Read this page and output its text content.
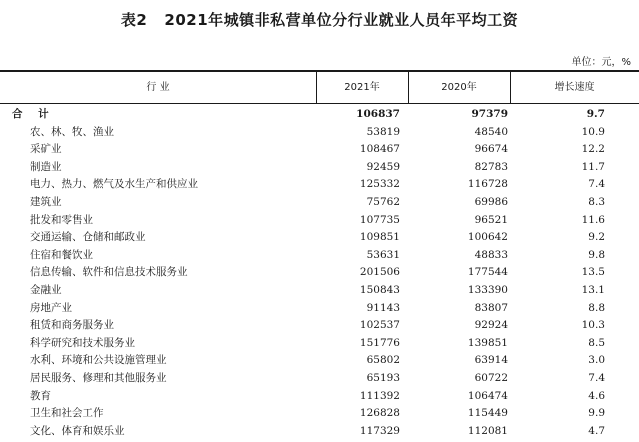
表2 2021年城镇非私营单位分行业就业人员年平均工资
单位：元，%
行 业	2021年	2020年	增长速度
合 计	106837	97379	9.7
农、林、牧、渔业	53819	48540	10.9
采矿业	108467	96674	12.2
制造业	92459	82783	11.7
电力、热力、燃气及水生产和供应业	125332	116728	7.4
建筑业	75762	69986	8.3
批发和零售业	107735	96521	11.6
交通运输、仓储和邮政业	109851	100642	9.2
住宿和餐饮业	53631	48833	9.8
信息传输、软件和信息技术服务业	201506	177544	13.5
金融业	150843	133390	13.1
房地产业	91143	83807	8.8
租赁和商务服务业	102537	92924	10.3
科学研究和技术服务业	151776	139851	8.5
水利、环境和公共设施管理业	65802	63914	3.0
居民服务、修理和其他服务业	65193	60722	7.4
教育	111392	106474	4.6
卫生和社会工作	126828	115449	9.9
文化、体育和娱乐业	117329	112081	4.7
